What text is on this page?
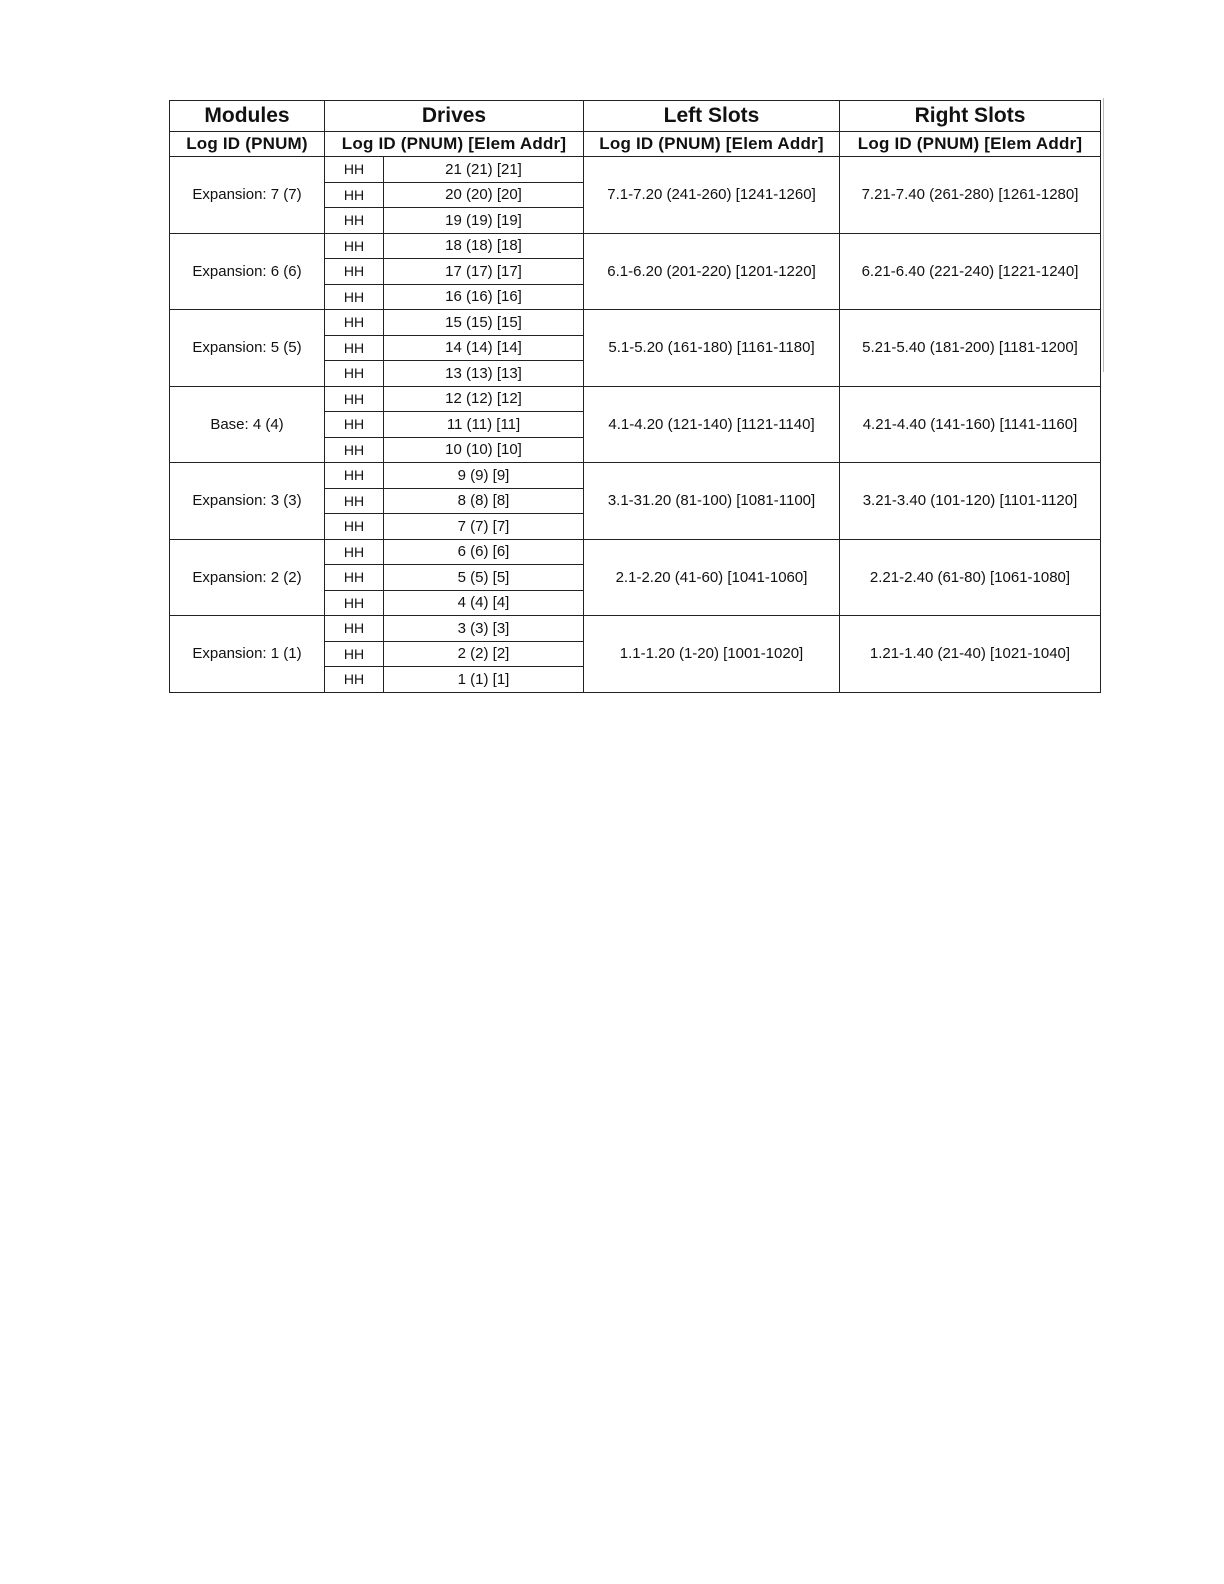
Modules	Drives		Left Slots	Right Slots
Log ID (PNUM)	Log ID (PNUM) [Elem Addr]		Log ID (PNUM) [Elem Addr]	Log ID (PNUM) [Elem Addr]
Expansion: 7 (7)	HH	21 (21) [21]	7.1-7.20 (241-260) [1241-1260]	7.21-7.40 (261-280) [1261-1280]
	HH	20 (20) [20]		
	HH	19 (19) [19]		
Expansion: 6 (6)	HH	18 (18) [18]	6.1-6.20 (201-220) [1201-1220]	6.21-6.40 (221-240) [1221-1240]
	HH	17 (17) [17]		
	HH	16 (16) [16]		
Expansion: 5 (5)	HH	15 (15) [15]	5.1-5.20 (161-180) [1161-1180]	5.21-5.40 (181-200) [1181-1200]
	HH	14 (14) [14]		
	HH	13 (13) [13]		
Base: 4 (4)	HH	12 (12) [12]	4.1-4.20 (121-140) [1121-1140]	4.21-4.40 (141-160) [1141-1160]
	HH	11 (11) [11]		
	HH	10 (10) [10]		
Expansion: 3 (3)	HH	9 (9) [9]	3.1-31.20 (81-100) [1081-1100]	3.21-3.40 (101-120) [1101-1120]
	HH	8 (8) [8]		
	HH	7 (7) [7]		
Expansion: 2 (2)	HH	6 (6) [6]	2.1-2.20 (41-60) [1041-1060]	2.21-2.40 (61-80) [1061-1080]
	HH	5 (5) [5]		
	HH	4 (4) [4]		
Expansion: 1 (1)	HH	3 (3) [3]	1.1-1.20 (1-20) [1001-1020]	1.21-1.40 (21-40) [1021-1040]
	HH	2 (2) [2]		
	HH	1 (1) [1]		
